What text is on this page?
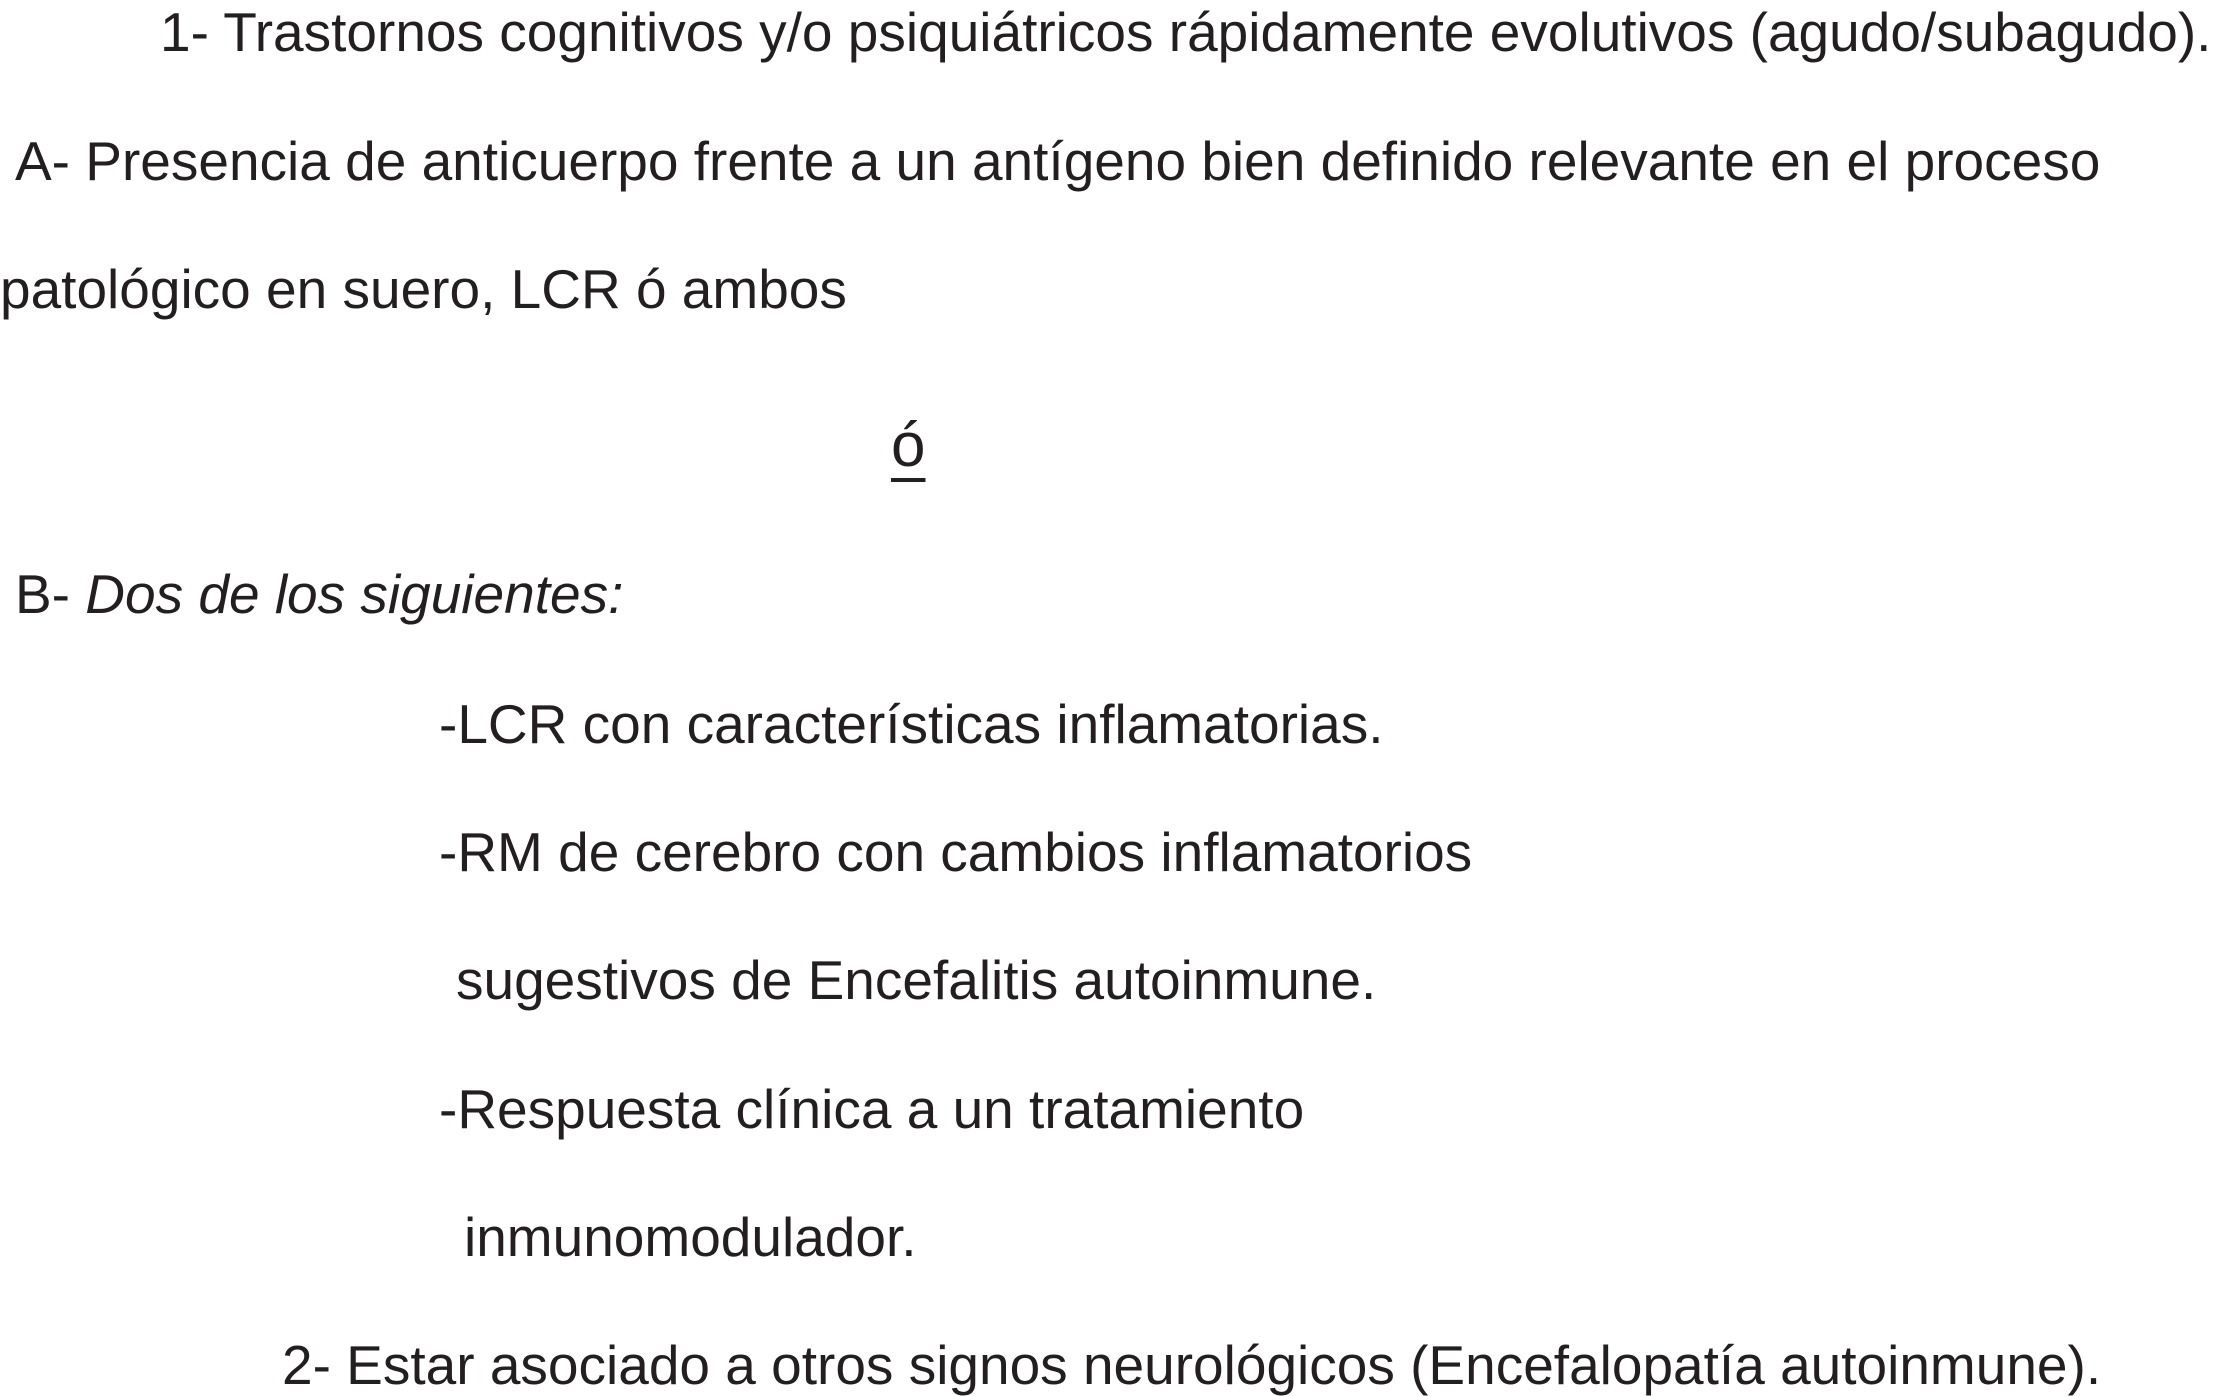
1- Trastornos cognitivos y/o psiquiátricos rápidamente evolutivos (agudo/subagudo).
A- Presencia de anticuerpo frente a un antígeno bien definido relevante en el proceso
patológico en suero, LCR ó ambos
ó
B- Dos de los siguientes:
-LCR con características inflamatorias.
-RM de cerebro con cambios inflamatorios
sugestivos de Encefalitis autoinmune.
-Respuesta clínica a un tratamiento
inmunomodulador.
2- Estar asociado a otros signos neurológicos (Encefalopatía autoinmune).
